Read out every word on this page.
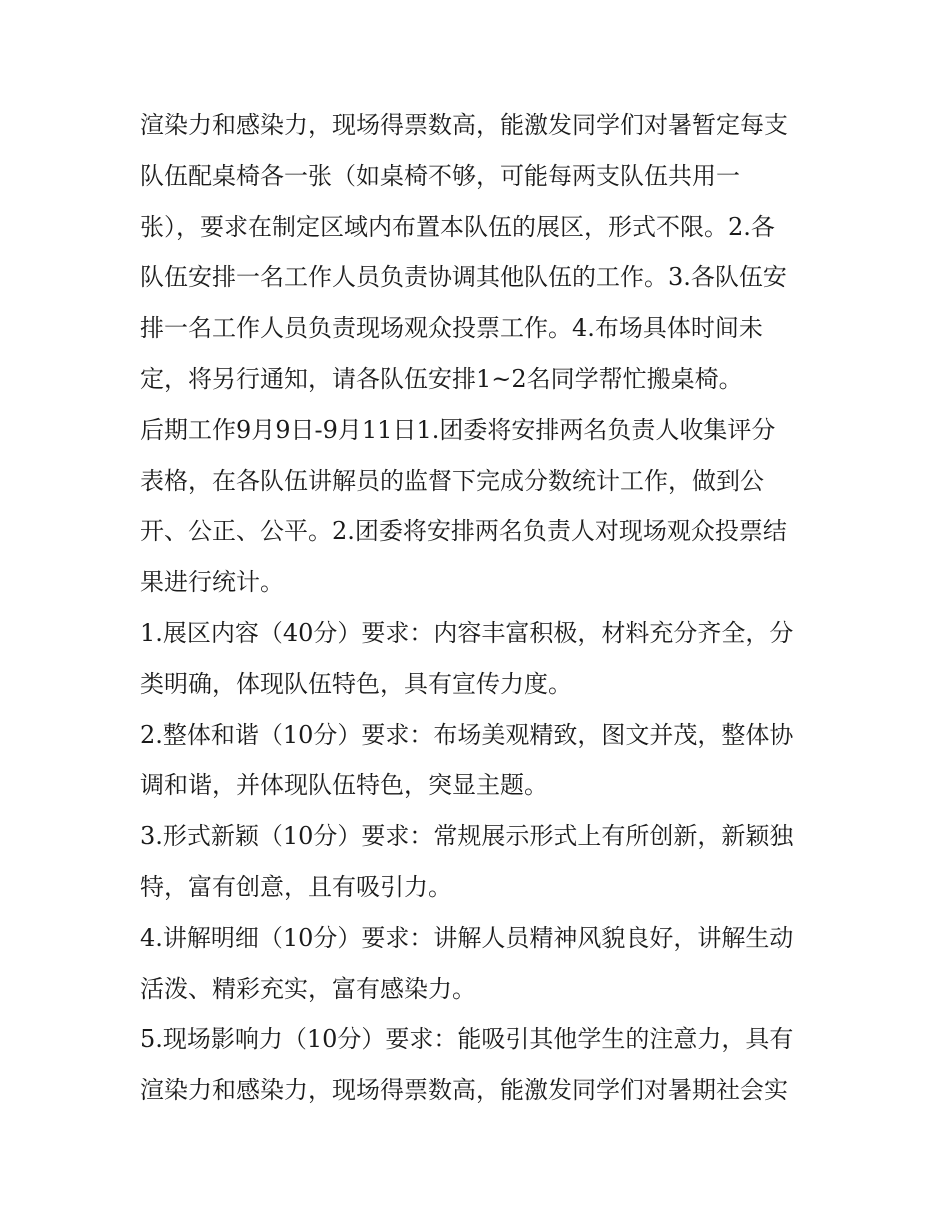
渲染力和感染力，现场得票数高，能激发同学们对暑暂定每支
队伍配桌椅各一张（如桌椅不够，可能每两支队伍共用一
张），要求在制定区域内布置本队伍的展区，形式不限。2.各
队伍安排一名工作人员负责协调其他队伍的工作。3.各队伍安
排一名工作人员负责现场观众投票工作。4.布场具体时间未
定，将另行通知，请各队伍安排1~2名同学帮忙搬桌椅。
后期工作9月9日-9月11日1.团委将安排两名负责人收集评分
表格，在各队伍讲解员的监督下完成分数统计工作，做到公
开、公正、公平。2.团委将安排两名负责人对现场观众投票结
果进行统计。
1.展区内容（40分）要求：内容丰富积极，材料充分齐全，分
类明确，体现队伍特色，具有宣传力度。
2.整体和谐（10分）要求：布场美观精致，图文并茂，整体协
调和谐，并体现队伍特色，突显主题。
3.形式新颖（10分）要求：常规展示形式上有所创新，新颖独
特，富有创意，且有吸引力。
4.讲解明细（10分）要求：讲解人员精神风貌良好，讲解生动
活泼、精彩充实，富有感染力。
5.现场影响力（10分）要求：能吸引其他学生的注意力，具有
渲染力和感染力，现场得票数高，能激发同学们对暑期社会实
